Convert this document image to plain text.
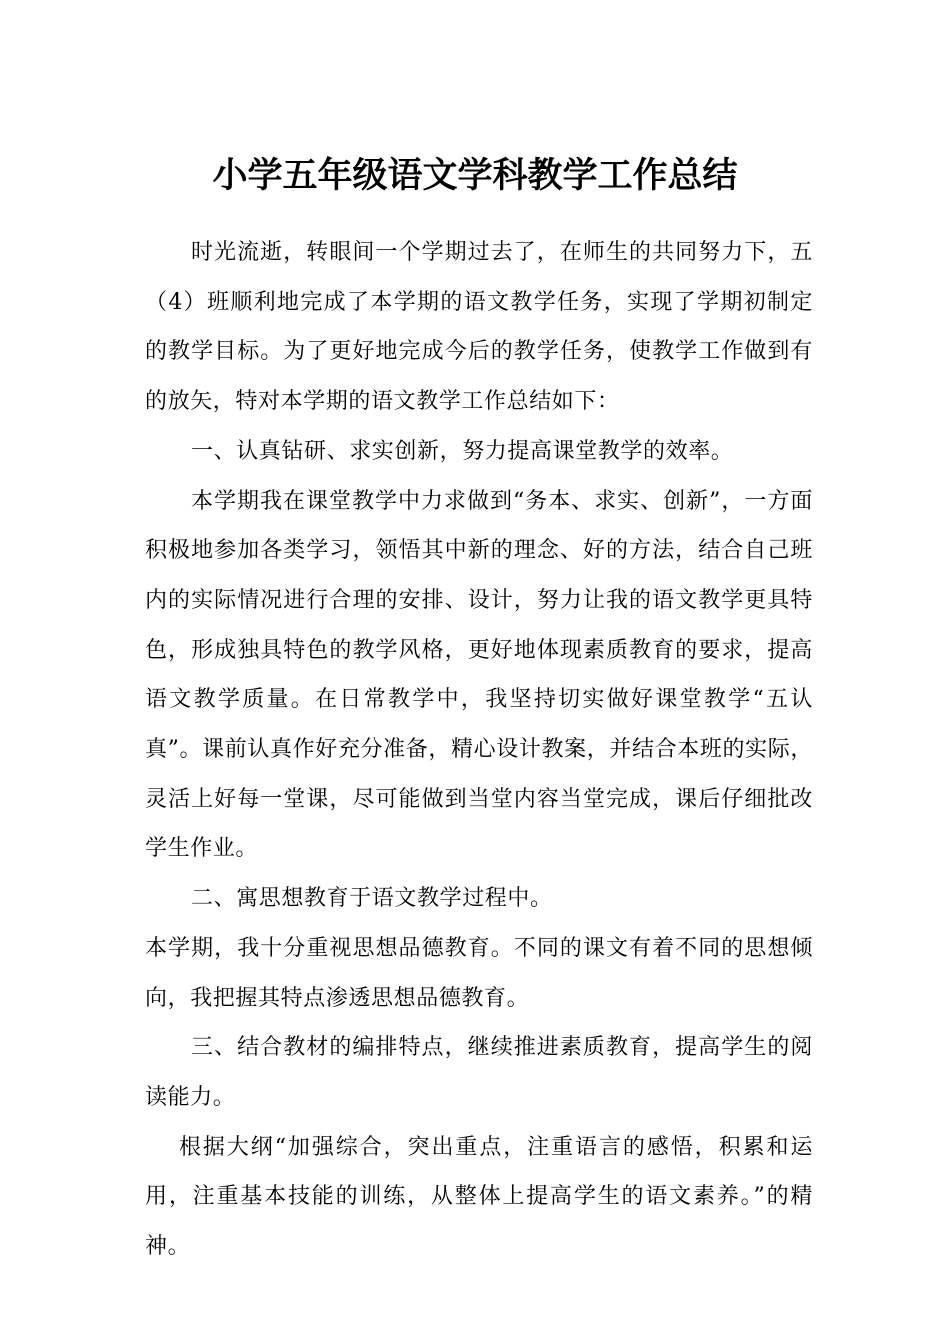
小学五年级语文学科教学工作总结

时光流逝，转眼间一个学期过去了，在师生的共同努力下，五（4）班顺利地完成了本学期的语文教学任务，实现了学期初制定的教学目标。为了更好地完成今后的教学任务，使教学工作做到有的放矢，特对本学期的语文教学工作总结如下：

一、认真钻研、求实创新，努力提高课堂教学的效率。

本学期我在课堂教学中力求做到“务本、求实、创新”，一方面积极地参加各类学习，领悟其中新的理念、好的方法，结合自己班内的实际情况进行合理的安排、设计，努力让我的语文教学更具特色，形成独具特色的教学风格，更好地体现素质教育的要求，提高语文教学质量。在日常教学中，我坚持切实做好课堂教学“五认真”。课前认真作好充分准备，精心设计教案，并结合本班的实际，灵活上好每一堂课，尽可能做到当堂内容当堂完成，课后仔细批改学生作业。

二、寓思想教育于语文教学过程中。

本学期，我十分重视思想品德教育。不同的课文有着不同的思想倾向，我把握其特点渗透思想品德教育。

三、结合教材的编排特点，继续推进素质教育，提高学生的阅读能力。

根据大纲“加强综合，突出重点，注重语言的感悟，积累和运用，注重基本技能的训练，从整体上提高学生的语文素养。”的精神。
